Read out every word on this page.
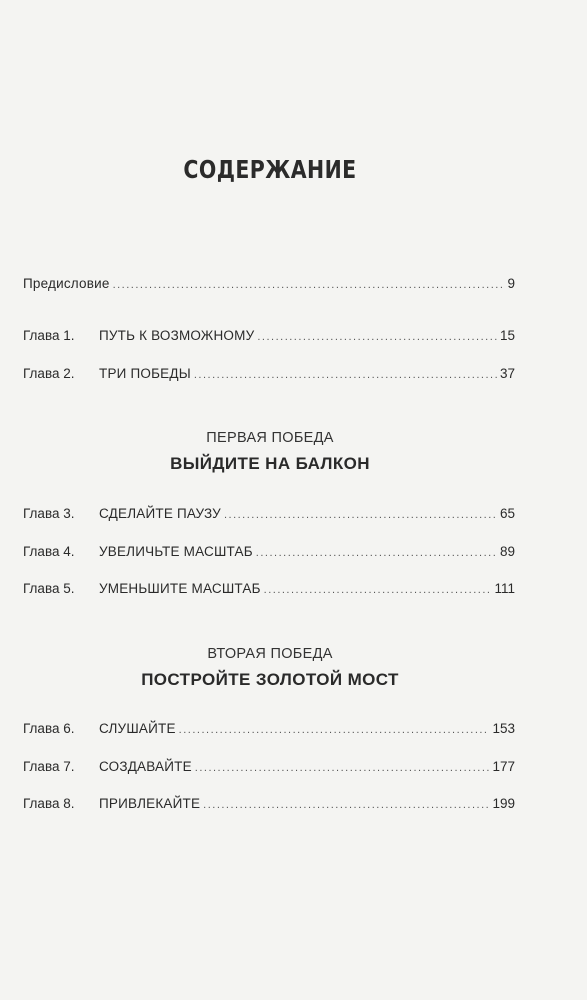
СОДЕРЖАНИЕ
Предисловие .....	9
Глава 1.	ПУТЬ К ВОЗМОЖНОМУ .....	15
Глава 2.	ТРИ ПОБЕДЫ .....	37
ПЕРВАЯ ПОБЕДА
ВЫЙДИТЕ НА БАЛКОН
Глава 3.	СДЕЛАЙТЕ ПАУЗУ .....	65
Глава 4.	УВЕЛИЧЬТЕ МАСШТАБ .....	89
Глава 5.	УМЕНЬШИТЕ МАСШТАБ .....	111
ВТОРАЯ ПОБЕДА
ПОСТРОЙТЕ ЗОЛОТОЙ МОСТ
Глава 6.	СЛУШАЙТЕ .....	153
Глава 7.	СОЗДАВАЙТЕ .....	177
Глава 8.	ПРИВЛЕКАЙТЕ .....	199
